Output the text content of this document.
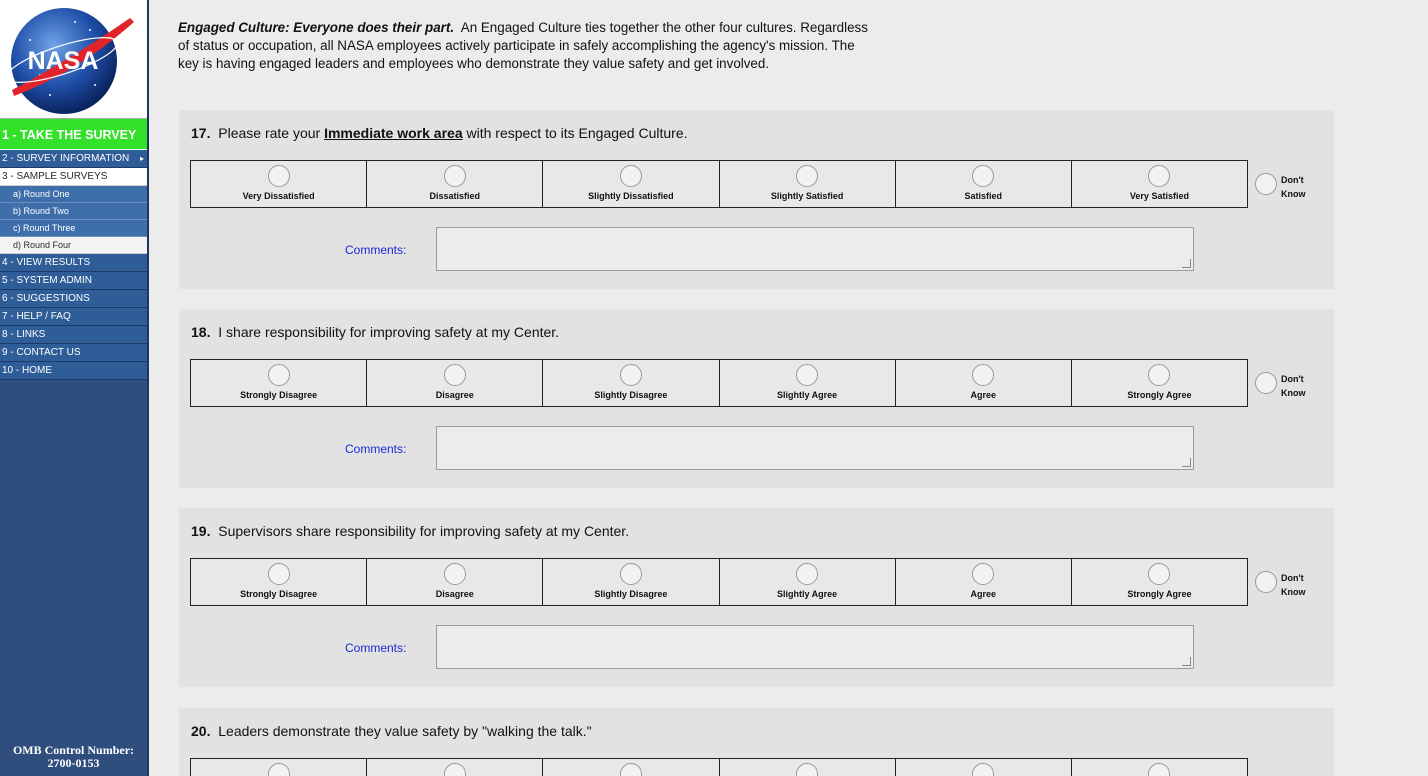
NASA
1 - TAKE THE SURVEY
2 - SURVEY INFORMATION ▸
3 - SAMPLE SURVEYS
a) Round One
b) Round Two
c) Round Three
d) Round Four
4 - VIEW RESULTS
5 - SYSTEM ADMIN
6 - SUGGESTIONS
7 - HELP / FAQ
8 - LINKS
9 - CONTACT US
10 - HOME
OMB Control Number:
2700-0153
Engaged Culture: Everyone does their part. An Engaged Culture ties together the other four cultures. Regardless of status or occupation, all NASA employees actively participate in safely accomplishing the agency's mission. The key is having engaged leaders and employees who demonstrate they value safety and get involved.
17. Please rate your Immediate work area with respect to its Engaged Culture.
Very Dissatisfied	Dissatisfied	Slightly Dissatisfied	Slightly Satisfied	Satisfied	Very Satisfied
Don't Know
Comments:
18. I share responsibility for improving safety at my Center.
Strongly Disagree	Disagree	Slightly Disagree	Slightly Agree	Agree	Strongly Agree
Don't Know
Comments:
19. Supervisors share responsibility for improving safety at my Center.
Strongly Disagree	Disagree	Slightly Disagree	Slightly Agree	Agree	Strongly Agree
Don't Know
Comments:
20. Leaders demonstrate they value safety by "walking the talk."
